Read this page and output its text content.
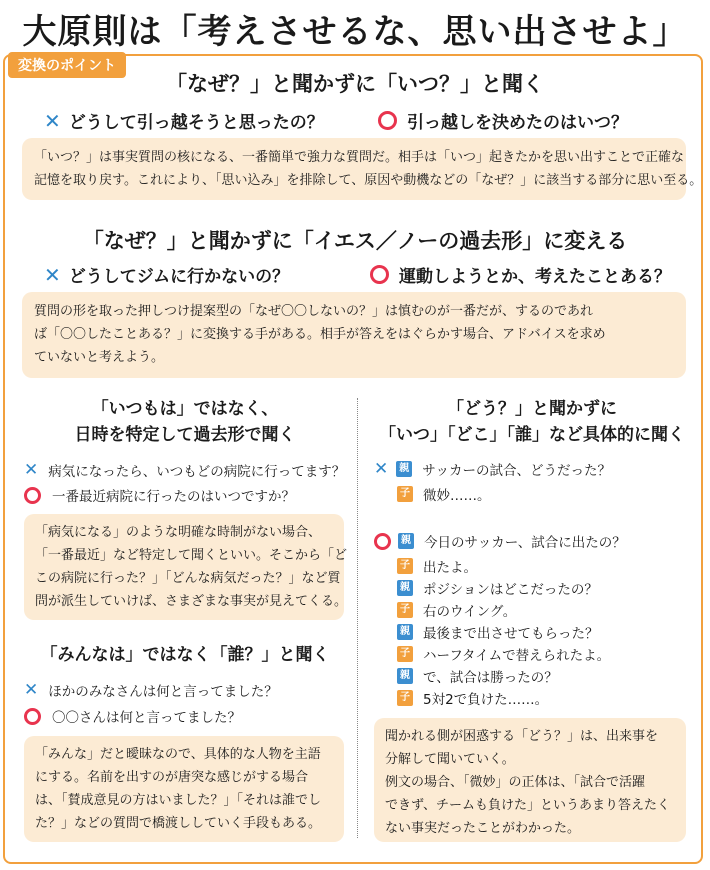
大原則は「考えさせるな、思い出させよ」
変換のポイント
「なぜ？」と聞かずに「いつ？」と聞く
✕ どうして引っ越そうと思ったの？	引っ越しを決めたのはいつ？
「いつ？」は事実質問の核になる、一番簡単で強力な質問だ。相手は「いつ」起きたかを思い出すことで正確な
記憶を取り戻す。これにより、「思い込み」を排除して、原因や動機などの「なぜ？」に該当する部分に思い至る。
「なぜ？」と聞かずに「イエス／ノーの過去形」に変える
✕ どうしてジムに行かないの？	運動しようとか、考えたことある？
質問の形を取った押しつけ提案型の「なぜ〇〇しないの？」は慎むのが一番だが、するのであれ
ば「〇〇したことある？」に変換する手がある。相手が答えをはぐらかす場合、アドバイスを求め
ていないと考えよう。
「いつもは」ではなく、
日時を特定して過去形で聞く
✕ 病気になったら、いつもどの病院に行ってます？
一番最近病院に行ったのはいつですか？
「病気になる」のような明確な時制がない場合、
「一番最近」など特定して聞くといい。そこから「ど
この病院に行った？」「どんな病気だった？」など質
問が派生していけば、さまざまな事実が見えてくる。
「みんなは」ではなく「誰？」と聞く
✕ ほかのみなさんは何と言ってました？
〇〇さんは何と言ってました？
「みんな」だと曖昧なので、具体的な人物を主語
にする。名前を出すのが唐突な感じがする場合
は、「賛成意見の方はいました？」「それは誰でし
た？」などの質問で橋渡ししていく手段もある。
「どう？」と聞かずに
「いつ」「どこ」「誰」など具体的に聞く
✕	親 サッカーの試合、どうだった？
子 微妙……。
親 今日のサッカー、試合に出たの？
子 出たよ。
親 ポジションはどこだったの？
子 右のウイング。
親 最後まで出させてもらった？
子 ハーフタイムで替えられたよ。
親 で、試合は勝ったの？
子 5対2で負けた……。
聞かれる側が困惑する「どう？」は、出来事を
分解して聞いていく。
例文の場合、「微妙」の正体は、「試合で活躍
できず、チームも負けた」というあまり答えたく
ない事実だったことがわかった。
